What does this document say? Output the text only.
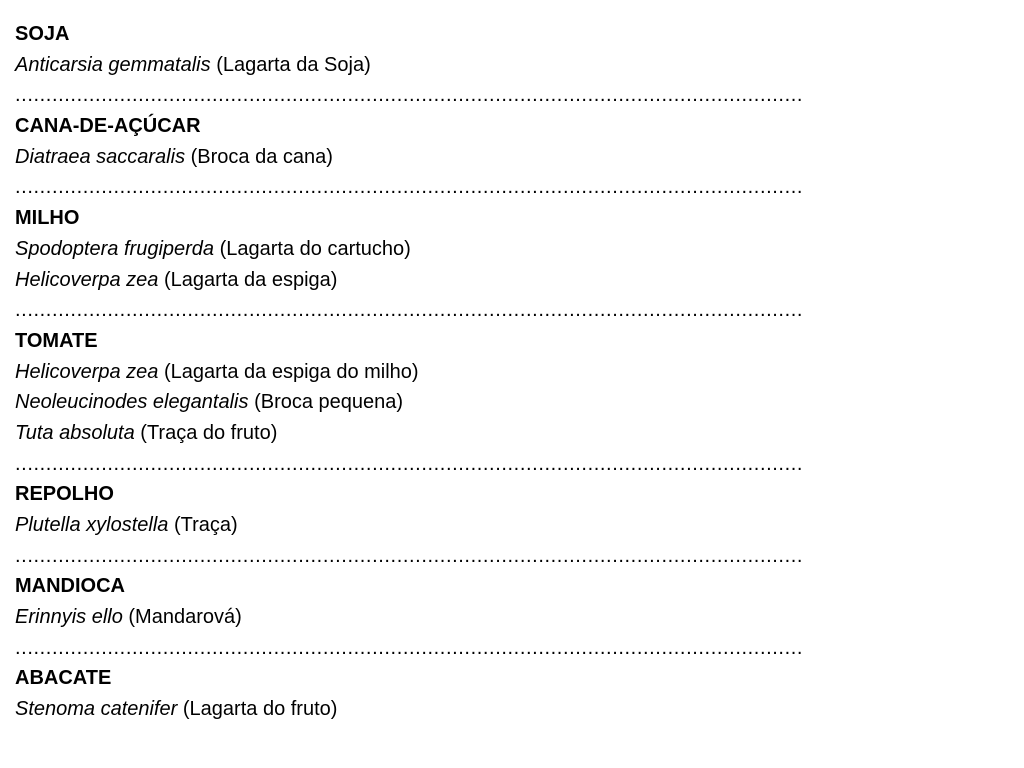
SOJA
Anticarsia gemmatalis (Lagarta da Soja)
................................................................................................................................
CANA-DE-AÇÚCAR
Diatraea saccaralis (Broca da cana)
................................................................................................................................
MILHO
Spodoptera frugiperda (Lagarta do cartucho)
Helicoverpa zea (Lagarta da espiga)
................................................................................................................................
TOMATE
Helicoverpa zea (Lagarta da espiga do milho)
Neoleucinodes elegantalis (Broca pequena)
Tuta absoluta (Traça do fruto)
................................................................................................................................
REPOLHO
Plutella xylostella (Traça)
................................................................................................................................
MANDIOCA
Erinnyis ello (Mandarová)
................................................................................................................................
ABACATE
Stenoma catenifer (Lagarta do fruto)
